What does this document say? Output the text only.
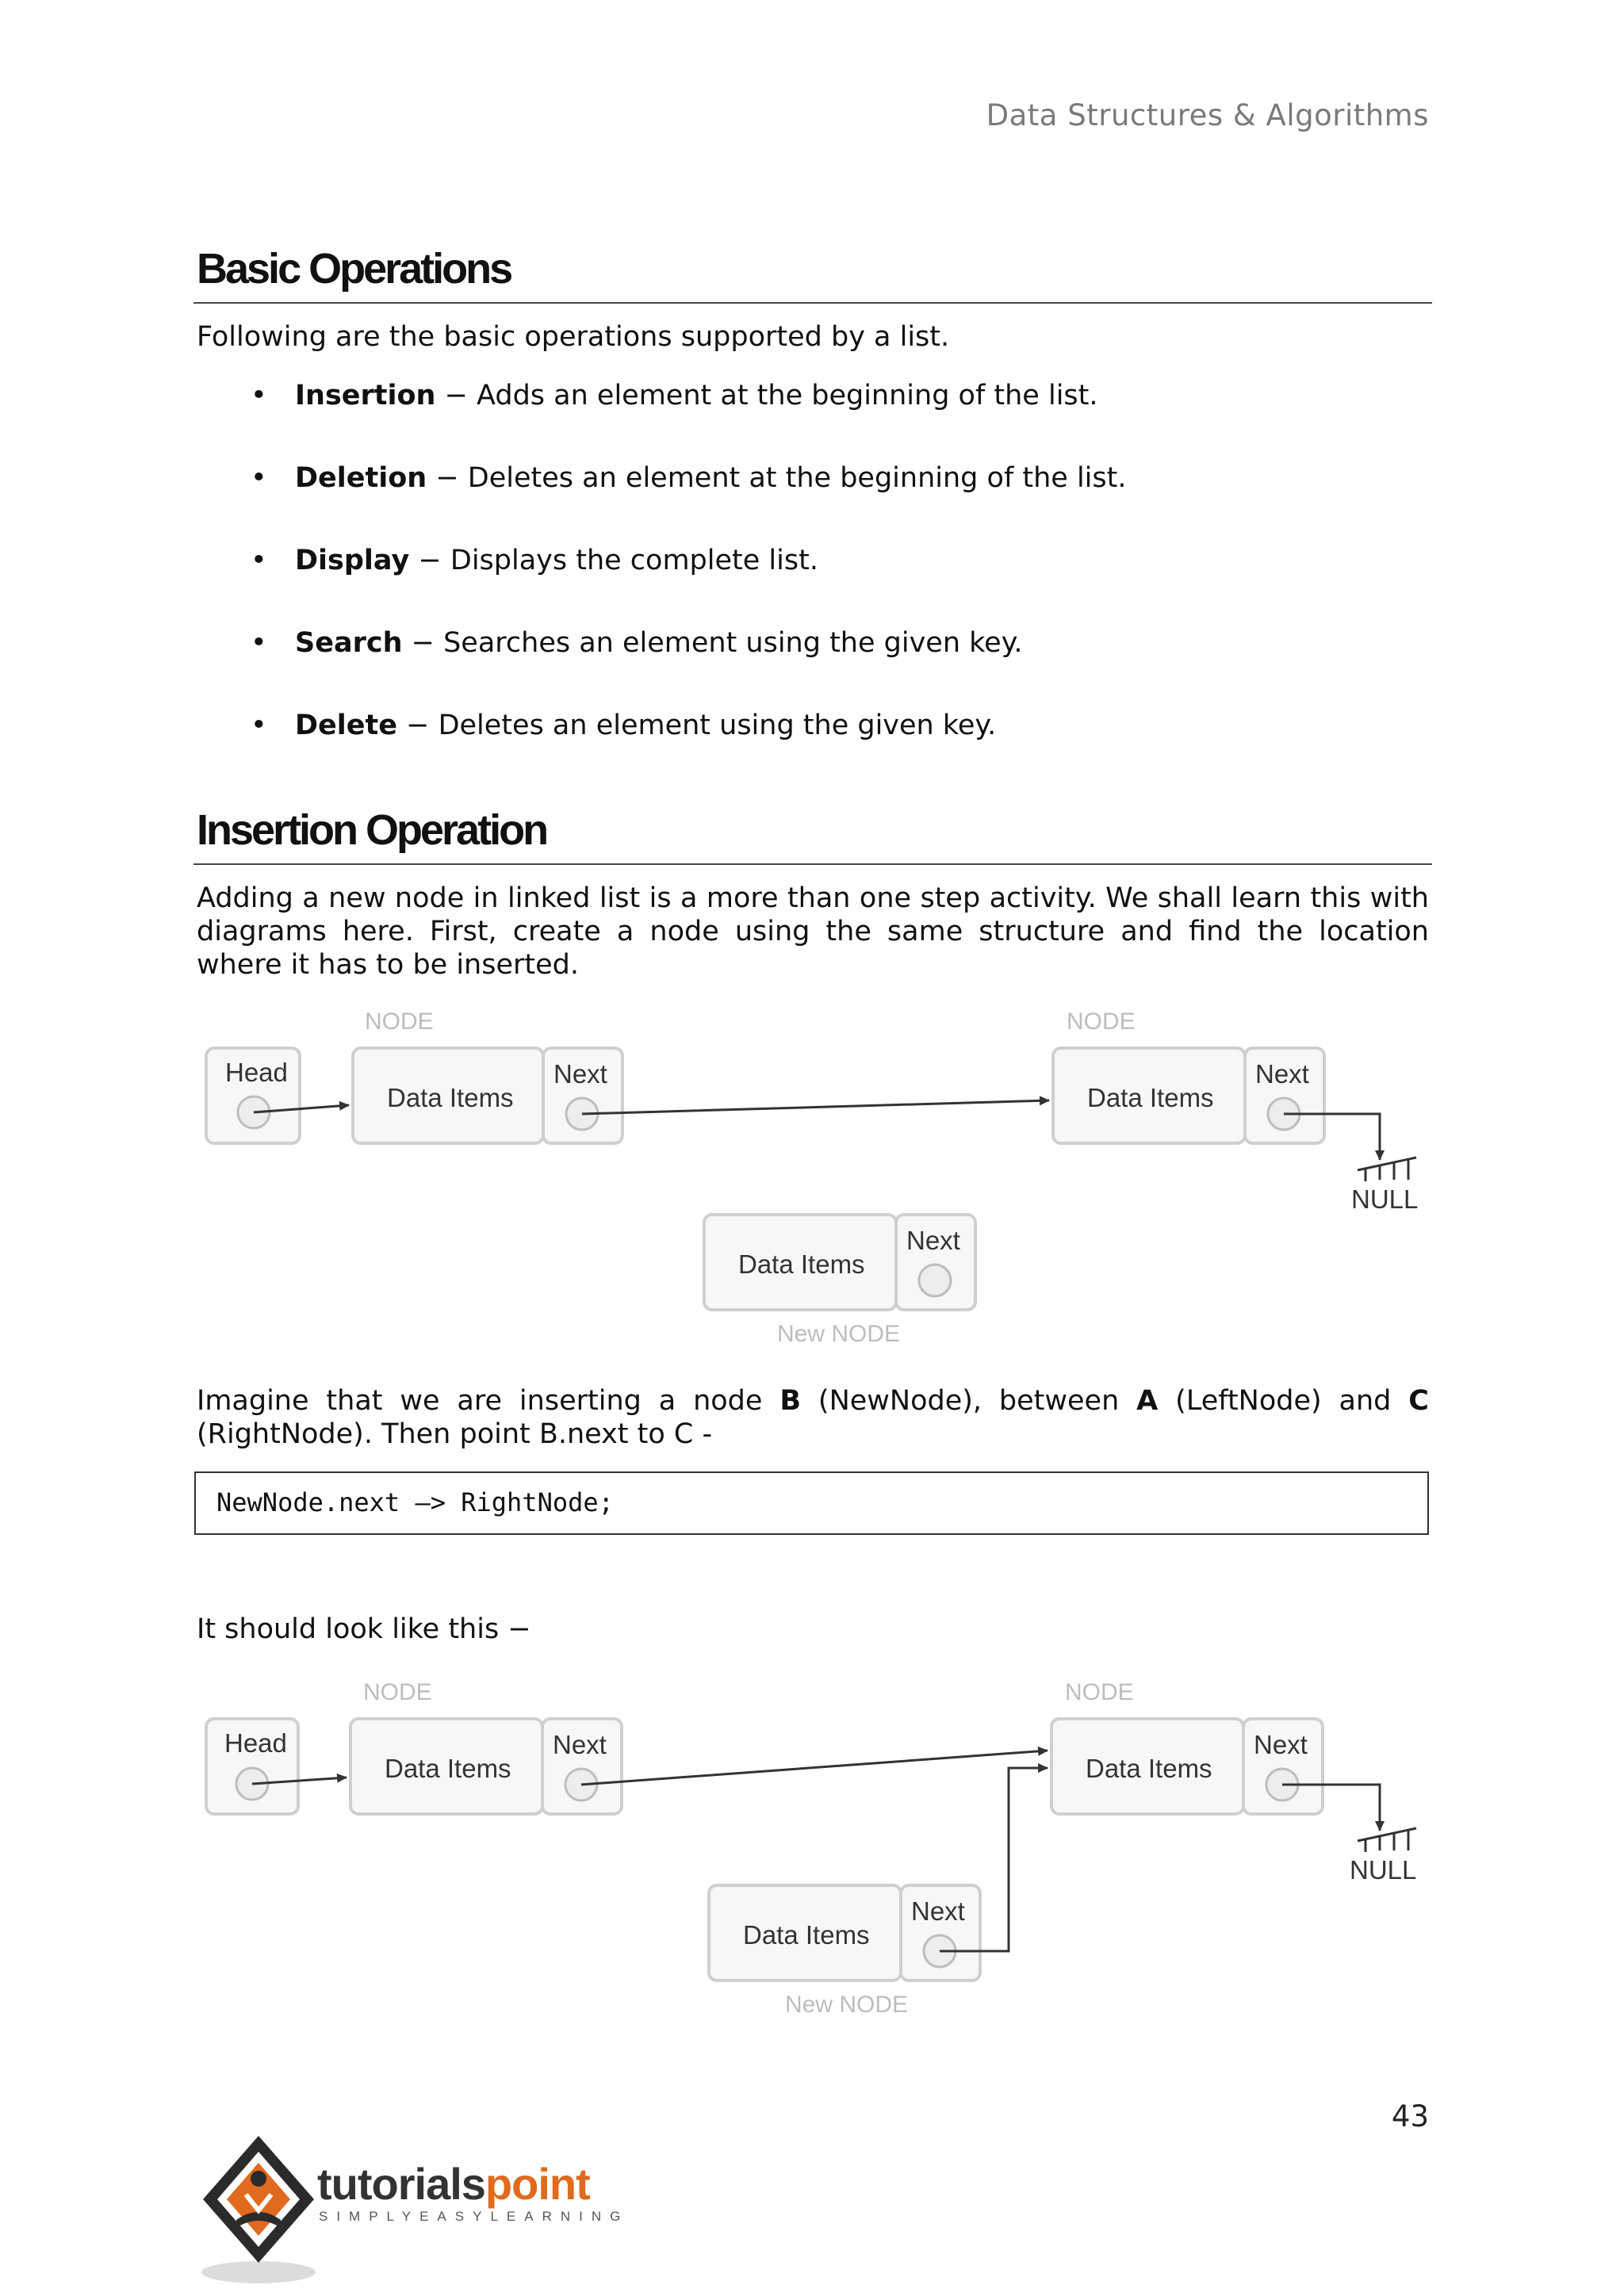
Data Structures & Algorithms
Basic Operations
Following are the basic operations supported by a list.
• Insertion − Adds an element at the beginning of the list.
• Deletion − Deletes an element at the beginning of the list.
• Display − Displays the complete list.
• Search − Searches an element using the given key.
• Delete − Deletes an element using the given key.
Insertion Operation
Adding a new node in linked list is a more than one step activity. We shall learn this with diagrams here. First, create a node using the same structure and find the location where it has to be inserted.
NODE	NODE
Head
Data Items
Next
Data Items
Next
NULL
Data Items
Next
New NODE
Imagine that we are inserting a node B (NewNode), between A (LeftNode) and C
(RightNode). Then point B.next to C -
NewNode.next –> RightNode;
It should look like this −
NODE	NODE
Head
Data Items
Next
Data Items
Next
NULL
Data Items
Next
New NODE
43
tutorialspoint
SIMPLYEASYLEARNING
